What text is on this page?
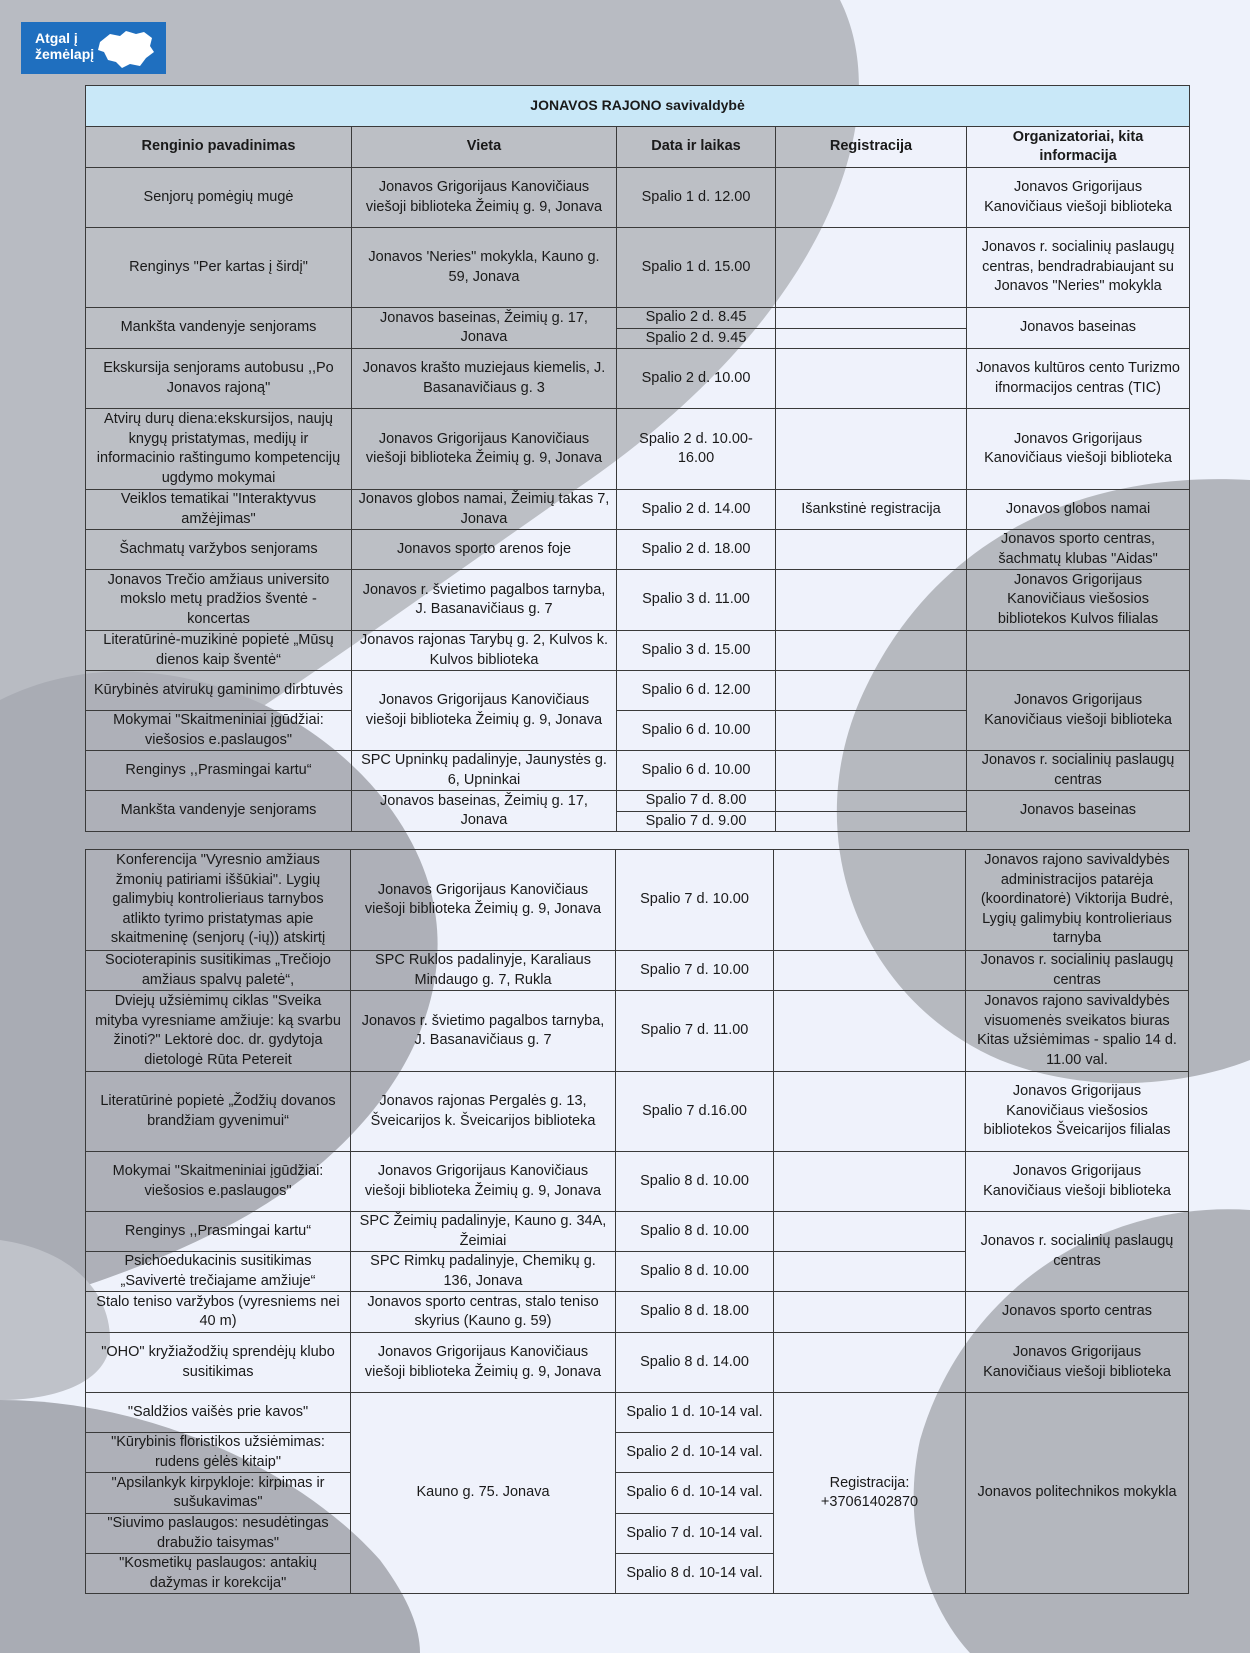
Atgal į
žemėlapį
JONAVOS RAJONO savivaldybė				
Renginio pavadinimas	Vieta	Data ir laikas	Registracija	Organizatoriai, kita informacija
Senjorų pomėgių mugė	Jonavos Grigorijaus Kanovičiaus viešoji biblioteka Žeimių g. 9, Jonava	Spalio 1 d. 12.00		Jonavos Grigorijaus Kanovičiaus viešoji biblioteka
Renginys "Per kartas į širdį"	Jonavos 'Neries" mokykla, Kauno g. 59, Jonava	Spalio 1 d. 15.00		Jonavos r. socialinių paslaugų centras, bendradrabiaujant su Jonavos "Neries" mokykla
Mankšta vandenyje senjorams	Jonavos baseinas, Žeimių g. 17, Jonava	Spalio 2 d. 8.45		Jonavos baseinas
		Spalio 2 d. 9.45		
Ekskursija senjorams autobusu ,,Po Jonavos rajoną"	Jonavos krašto muziejaus kiemelis, J. Basanavičiaus g. 3	Spalio 2 d. 10.00		Jonavos kultūros cento Turizmo ifnormacijos centras (TIC)
Atvirų durų diena:ekskursijos, naujų knygų pristatymas, medijų ir informacinio raštingumo kompetencijų ugdymo mokymai	Jonavos Grigorijaus Kanovičiaus viešoji biblioteka Žeimių g. 9, Jonava	Spalio 2 d. 10.00-16.00		Jonavos Grigorijaus Kanovičiaus viešoji biblioteka
Veiklos tematikai "Interaktyvus amžėjimas"	Jonavos globos namai, Žeimių takas 7, Jonava	Spalio 2 d. 14.00	Išankstinė registracija	Jonavos globos namai
Šachmatų varžybos senjorams	Jonavos sporto arenos foje	Spalio 2 d. 18.00		Jonavos sporto centras, šachmatų klubas "Aidas"
Jonavos Trečio amžiaus universito mokslo metų pradžios šventė - koncertas	Jonavos r. švietimo pagalbos tarnyba, J. Basanavičiaus g. 7	Spalio 3 d. 11.00		Jonavos Grigorijaus Kanovičiaus viešosios bibliotekos Kulvos filialas
Literatūrinė-muzikinė popietė „Mūsų dienos kaip šventė“	Jonavos rajonas Tarybų g. 2, Kulvos k. Kulvos biblioteka	Spalio 3 d. 15.00		
Kūrybinės atvirukų gaminimo dirbtuvės	Jonavos Grigorijaus Kanovičiaus viešoji biblioteka Žeimių g. 9, Jonava	Spalio 6 d. 12.00		Jonavos Grigorijaus Kanovičiaus viešoji biblioteka
Mokymai "Skaitmeniniai įgūdžiai: viešosios e.paslaugos"		Spalio 6 d. 10.00		
Renginys ,,Prasmingai kartu“	SPC Upninkų padalinyje, Jaunystės g. 6, Upninkai	Spalio 6 d. 10.00		Jonavos r. socialinių paslaugų centras
Mankšta vandenyje senjorams	Jonavos baseinas, Žeimių g. 17, Jonava	Spalio 7 d. 8.00		Jonavos baseinas
		Spalio 7 d. 9.00		
Konferencija "Vyresnio amžiaus žmonių patiriami iššūkiai". Lygių galimybių kontrolieriaus tarnybos atlikto tyrimo pristatymas apie skaitmeninę (senjorų (-ių)) atskirtį	Jonavos Grigorijaus Kanovičiaus viešoji biblioteka Žeimių g. 9, Jonava	Spalio 7 d. 10.00		Jonavos rajono savivaldybės administracijos patarėja (koordinatorė) Viktorija Budrė, Lygių galimybių kontrolieriaus tarnyba
Socioterapinis susitikimas „Trečiojo amžiaus spalvų paletė“,	SPC Ruklos padalinyje, Karaliaus Mindaugo g. 7, Rukla	Spalio 7 d. 10.00		Jonavos r. socialinių paslaugų centras
Dviejų užsiėmimų ciklas "Sveika mityba vyresniame amžiuje: ką svarbu žinoti?" Lektorė doc. dr. gydytoja dietologė Rūta Petereit	Jonavos r. švietimo pagalbos tarnyba, J. Basanavičiaus g. 7	Spalio 7 d. 11.00		Jonavos rajono savivaldybės visuomenės sveikatos biuras Kitas užsiėmimas - spalio 14 d. 11.00 val.
Literatūrinė popietė „Žodžių dovanos brandžiam gyvenimui“	Jonavos rajonas Pergalės g. 13, Šveicarijos k. Šveicarijos biblioteka	Spalio 7 d.16.00		Jonavos Grigorijaus Kanovičiaus viešosios bibliotekos Šveicarijos filialas
Mokymai "Skaitmeniniai įgūdžiai: viešosios e.paslaugos"	Jonavos Grigorijaus Kanovičiaus viešoji biblioteka Žeimių g. 9, Jonava	Spalio 8 d. 10.00		Jonavos Grigorijaus Kanovičiaus viešoji biblioteka
Renginys ,,Prasmingai kartu“	SPC Žeimių padalinyje, Kauno g. 34A, Žeimiai	Spalio 8 d. 10.00		Jonavos r. socialinių paslaugų centras
Psichoedukacinis susitikimas „Savivertė trečiajame amžiuje“	SPC Rimkų padalinyje, Chemikų g. 136, Jonava	Spalio 8 d. 10.00		
Stalo teniso varžybos (vyresniems nei 40 m)	Jonavos sporto centras, stalo teniso skyrius (Kauno g. 59)	Spalio 8 d. 18.00		Jonavos sporto centras
"OHO" kryžiažodžių sprendėjų klubo susitikimas	Jonavos Grigorijaus Kanovičiaus viešoji biblioteka Žeimių g. 9, Jonava	Spalio 8 d. 14.00		Jonavos Grigorijaus Kanovičiaus viešoji biblioteka
"Saldžios vaišės prie kavos"	Kauno g. 75. Jonava	Spalio 1 d. 10-14 val.	Registracija: +37061402870	Jonavos politechnikos mokykla
"Kūrybinis floristikos užsiėmimas: rudens gėlės kitaip"		Spalio 2 d. 10-14 val.		
"Apsilankyk kirpykloje: kirpimas ir sušukavimas"		Spalio 6 d. 10-14 val.		
"Siuvimo paslaugos: nesudėtingas drabužio taisymas"		Spalio 7 d. 10-14 val.		
"Kosmetikų paslaugos: antakių dažymas ir korekcija"		Spalio 8 d. 10-14 val.		
